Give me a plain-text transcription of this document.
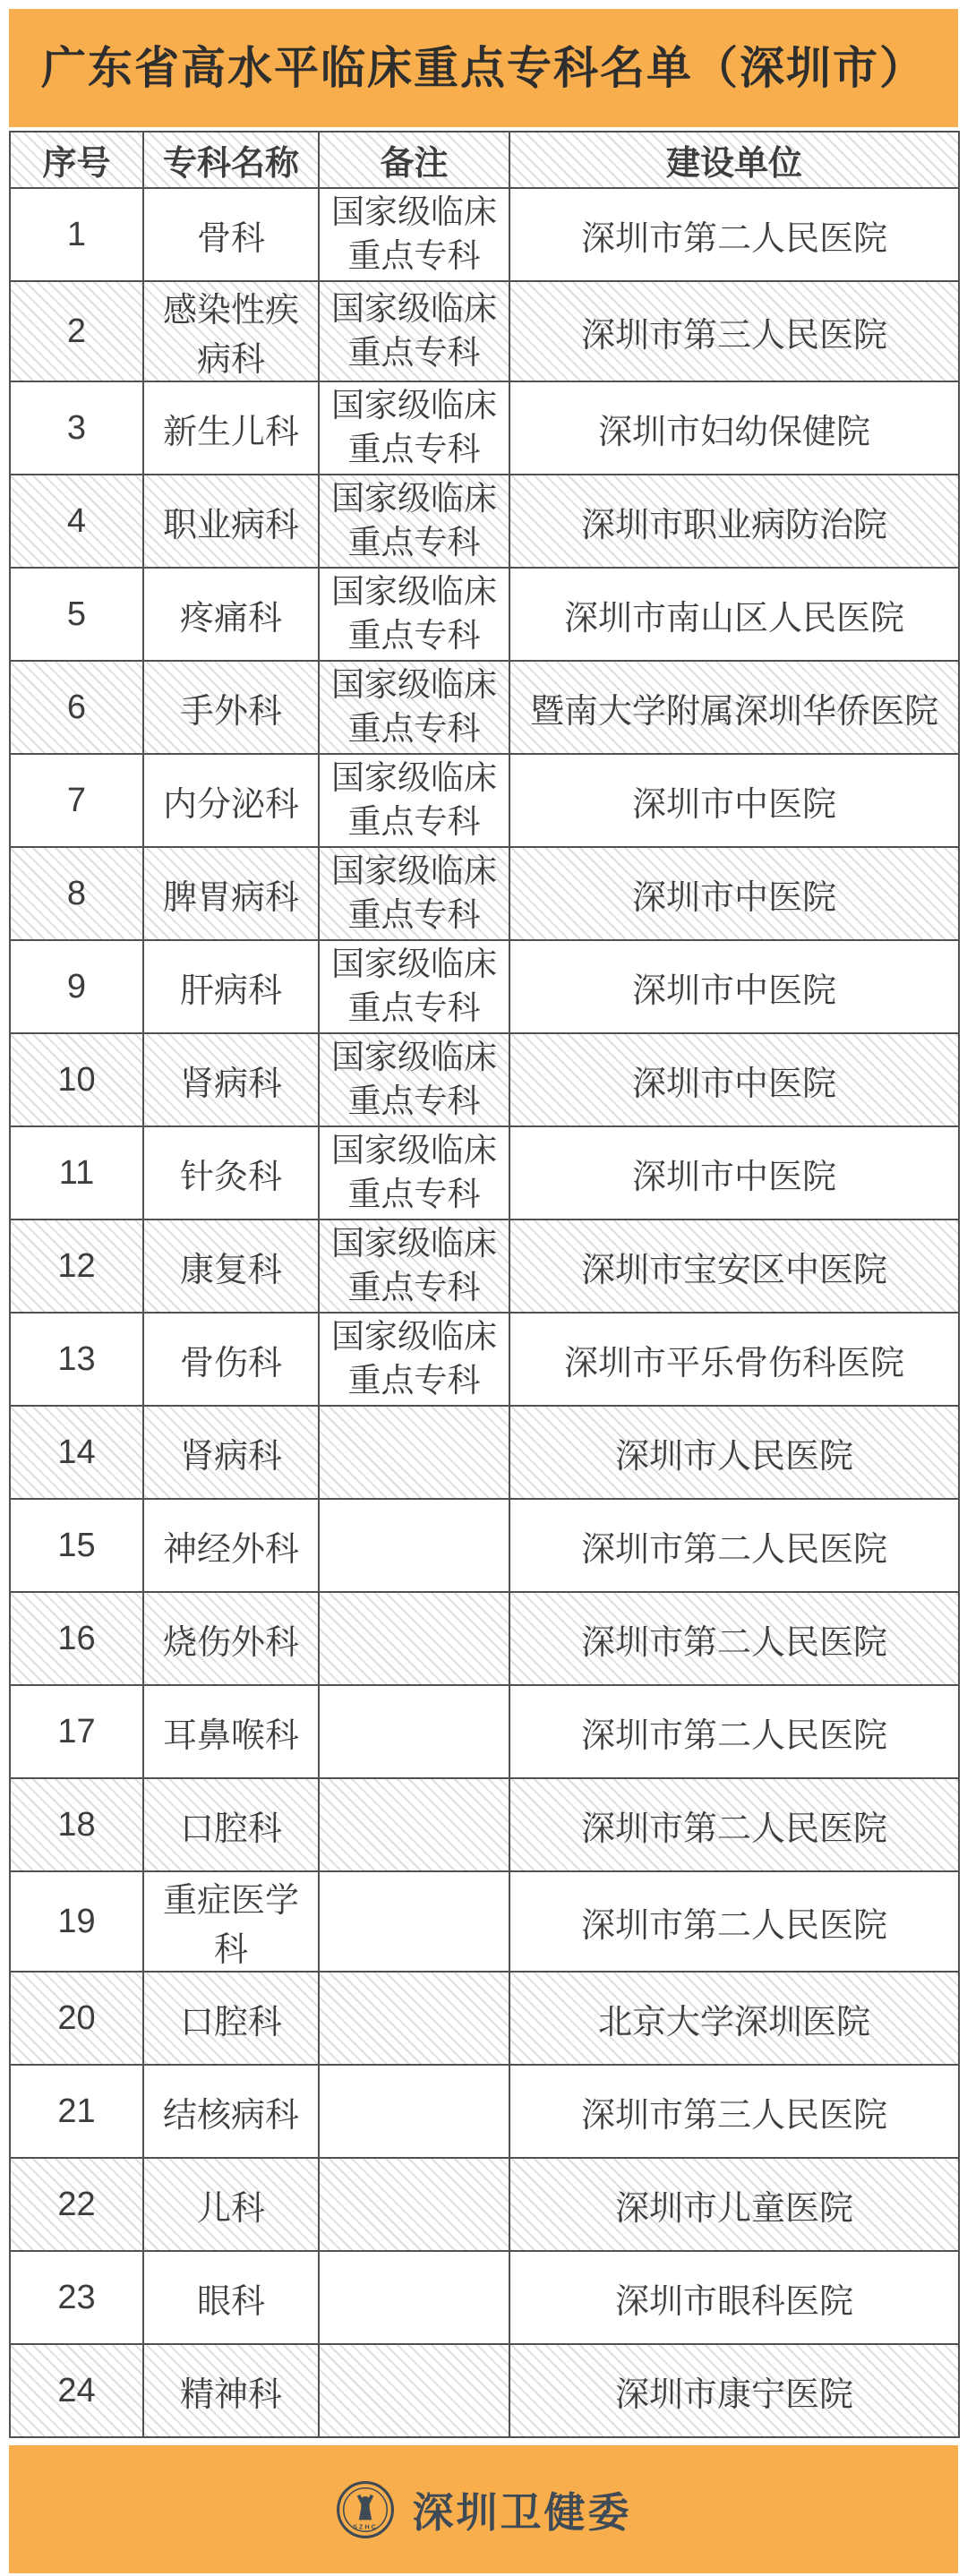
广东省高水平临床重点专科名单（深圳市）
序号	专科名称	备注	建设单位
1	骨科	国家级临床重点专科	深圳市第二人民医院
2	感染性疾病科	国家级临床重点专科	深圳市第三人民医院
3	新生儿科	国家级临床重点专科	深圳市妇幼保健院
4	职业病科	国家级临床重点专科	深圳市职业病防治院
5	疼痛科	国家级临床重点专科	深圳市南山区人民医院
6	手外科	国家级临床重点专科	暨南大学附属深圳华侨医院
7	内分泌科	国家级临床重点专科	深圳市中医院
8	脾胃病科	国家级临床重点专科	深圳市中医院
9	肝病科	国家级临床重点专科	深圳市中医院
10	肾病科	国家级临床重点专科	深圳市中医院
11	针灸科	国家级临床重点专科	深圳市中医院
12	康复科	国家级临床重点专科	深圳市宝安区中医院
13	骨伤科	国家级临床重点专科	深圳市平乐骨伤科医院
14	肾病科		深圳市人民医院
15	神经外科		深圳市第二人民医院
16	烧伤外科		深圳市第二人民医院
17	耳鼻喉科		深圳市第二人民医院
18	口腔科		深圳市第二人民医院
19	重症医学科		深圳市第二人民医院
20	口腔科		北京大学深圳医院
21	结核病科		深圳市第三人民医院
22	儿科		深圳市儿童医院
23	眼科		深圳市眼科医院
24	精神科		深圳市康宁医院
SZHC 深圳卫健委
